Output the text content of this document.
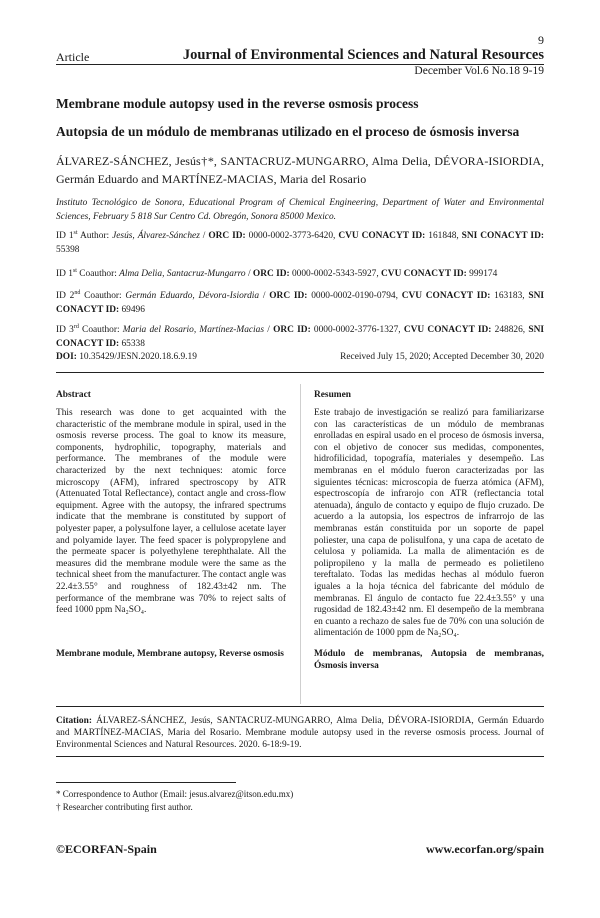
9
Article	Journal of Environmental Sciences and Natural Resources
December Vol.6 No.18 9-19
Membrane module autopsy used in the reverse osmosis process
Autopsia de un módulo de membranas utilizado en el proceso de ósmosis inversa
ÁLVAREZ-SÁNCHEZ, Jesús†*, SANTACRUZ-MUNGARRO, Alma Delia, DÉVORA-ISIORDIA, Germán Eduardo and MARTÍNEZ-MACIAS, Maria del Rosario
Instituto Tecnológico de Sonora, Educational Program of Chemical Engineering, Department of Water and Environmental Sciences, February 5 818 Sur Centro Cd. Obregón, Sonora 85000 Mexico.
ID 1st Author: Jesús, Álvarez-Sánchez / ORC ID: 0000-0002-3773-6420, CVU CONACYT ID: 161848, SNI CONACYT ID: 55398
ID 1st Coauthor: Alma Delia, Santacruz-Mungarro / ORC ID: 0000-0002-5343-5927, CVU CONACYT ID: 999174
ID 2nd Coauthor: Germán Eduardo, Dévora-Isiordia / ORC ID: 0000-0002-0190-0794, CVU CONACYT ID: 163183, SNI CONACYT ID: 69496
ID 3rd Coauthor: Maria del Rosario, Martínez-Macias / ORC ID: 0000-0002-3776-1327, CVU CONACYT ID: 248826, SNI CONACYT ID: 65338
DOI: 10.35429/JESN.2020.18.6.9.19	Received July 15, 2020; Accepted December 30, 2020
Abstract	Resumen
This research was done to get acquainted with the characteristic of the membrane module in spiral, used in the osmosis reverse process. The goal to know its measure, components, hydrophilic, topography, materials and performance. The membranes of the module were characterized by the next techniques: atomic force microscopy (AFM), infrared spectroscopy by ATR (Attenuated Total Reflectance), contact angle and cross-flow equipment. Agree with the autopsy, the infrared spectrums indicate that the membrane is constituted by support of polyester paper, a polysulfone layer, a cellulose acetate layer and polyamide layer. The feed spacer is polypropylene and the permeate spacer is polyethylene terephthalate. All the measures did the membrane module were the same as the technical sheet from the manufacturer. The contact angle was 22.4±3.55° and roughness of 182.43±42 nm. The performance of the membrane was 70% to reject salts of feed 1000 ppm Na₂SO₄.
Este trabajo de investigación se realizó para familiarizarse con las características de un módulo de membranas enrolladas en espiral usado en el proceso de ósmosis inversa, con el objetivo de conocer sus medidas, componentes, hidrofilicidad, topografía, materiales y desempeño. Las membranas en el módulo fueron caracterizadas por las siguientes técnicas: microscopia de fuerza atómica (AFM), espectroscopía de infrarojo con ATR (reflectancia total atenuada), ángulo de contacto y equipo de flujo cruzado. De acuerdo a la autopsia, los espectros de infrarrojo de las membranas están constituida por un soporte de papel poliester, una capa de polisulfona, y una capa de acetato de celulosa y poliamida. La malla de alimentación es de polipropileno y la malla de permeado es polietileno tereftalato. Todas las medidas hechas al módulo fueron iguales a la hoja técnica del fabricante del módulo de membranas. El ángulo de contacto fue 22.4±3.55° y una rugosidad de 182.43±42 nm. El desempeño de la membrana en cuanto a rechazo de sales fue de 70% con una solución de alimentación de 1000 ppm de Na₂SO₄.
Membrane module, Membrane autopsy, Reverse osmosis	Módulo de membranas, Autopsia de membranas, Ósmosis inversa
Citation: ÁLVAREZ-SÁNCHEZ, Jesús, SANTACRUZ-MUNGARRO, Alma Delia, DÉVORA-ISIORDIA, Germán Eduardo and MARTÍNEZ-MACIAS, Maria del Rosario. Membrane module autopsy used in the reverse osmosis process. Journal of Environmental Sciences and Natural Resources. 2020. 6-18:9-19.
* Correspondence to Author (Email: jesus.alvarez@itson.edu.mx)
† Researcher contributing first author.
©ECORFAN-Spain	www.ecorfan.org/spain
